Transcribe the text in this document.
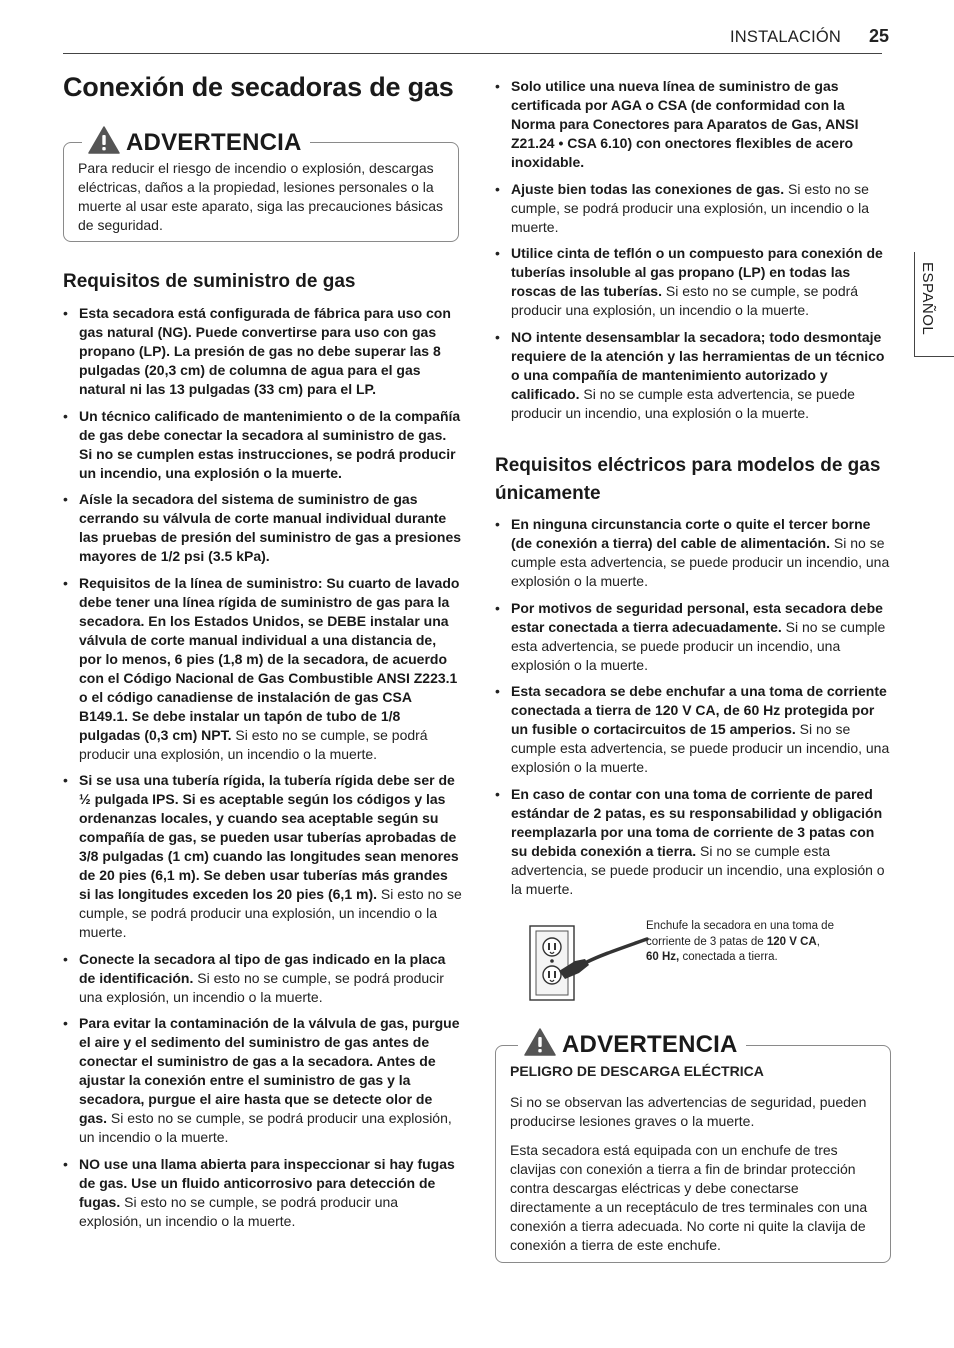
INSTALACIÓN 25
ESPAÑOL
Conexión de secadoras de gas
ADVERTENCIA
Para reducir el riesgo de incendio o explosión, descargas eléctricas, daños a la propiedad, lesiones personales o la muerte al usar este aparato, siga las precauciones básicas de seguridad.
Requisitos de suministro de gas
• Esta secadora está configurada de fábrica para uso con gas natural (NG). Puede convertirse para uso con gas propano (LP). La presión de gas no debe superar las 8 pulgadas (20,3 cm) de columna de agua para el gas natural ni las 13 pulgadas (33 cm) para el LP.
• Un técnico calificado de mantenimiento o de la compañía de gas debe conectar la secadora al suministro de gas. Si no se cumplen estas instrucciones, se podrá producir un incendio, una explosión o la muerte.
• Aísle la secadora del sistema de suministro de gas cerrando su válvula de corte manual individual durante las pruebas de presión del suministro de gas a presiones mayores de 1/2 psi (3.5 kPa).
• Requisitos de la línea de suministro: Su cuarto de lavado debe tener una línea rígida de suministro de gas para la secadora. En los Estados Unidos, se DEBE instalar una válvula de corte manual individual a una distancia de, por lo menos, 6 pies (1,8 m) de la secadora, de acuerdo con el Código Nacional de Gas Combustible ANSI Z223.1 o el código canadiense de instalación de gas CSA B149.1. Se debe instalar un tapón de tubo de 1/8 pulgadas (0,3 cm) NPT. Si esto no se cumple, se podrá producir una explosión, un incendio o la muerte.
• Si se usa una tubería rígida, la tubería rígida debe ser de ½ pulgada IPS. Si es aceptable según los códigos y las ordenanzas locales, y cuando sea aceptable según su compañía de gas, se pueden usar tuberías aprobadas de 3/8 pulgadas (1 cm) cuando las longitudes sean menores de 20 pies (6,1 m). Se deben usar tuberías más grandes si las longitudes exceden los 20 pies (6,1 m). Si esto no se cumple, se podrá producir una explosión, un incendio o la muerte.
• Conecte la secadora al tipo de gas indicado en la placa de identificación. Si esto no se cumple, se podrá producir una explosión, un incendio o la muerte.
• Para evitar la contaminación de la válvula de gas, purgue el aire y el sedimento del suministro de gas antes de conectar el suministro de gas a la secadora. Antes de ajustar la conexión entre el suministro de gas y la secadora, purgue el aire hasta que se detecte olor de gas. Si esto no se cumple, se podrá producir una explosión, un incendio o la muerte.
• NO use una llama abierta para inspeccionar si hay fugas de gas. Use un fluido anticorrosivo para detección de fugas. Si esto no se cumple, se podrá producir una explosión, un incendio o la muerte.
• Solo utilice una nueva línea de suministro de gas certificada por AGA o CSA (de conformidad con la Norma para Conectores para Aparatos de Gas, ANSI Z21.24 • CSA 6.10) con onectores flexibles de acero inoxidable.
• Ajuste bien todas las conexiones de gas. Si esto no se cumple, se podrá producir una explosión, un incendio o la muerte.
• Utilice cinta de teflón o un compuesto para conexión de tuberías insoluble al gas propano (LP) en todas las roscas de las tuberías. Si esto no se cumple, se podrá producir una explosión, un incendio o la muerte.
• NO intente desensamblar la secadora; todo desmontaje requiere de la atención y las herramientas de un técnico o una compañía de mantenimiento autorizado y calificado. Si no se cumple esta advertencia, se puede producir un incendio, una explosión o la muerte.
Requisitos eléctricos para modelos de gas únicamente
• En ninguna circunstancia corte o quite el tercer borne (de conexión a tierra) del cable de alimentación. Si no se cumple esta advertencia, se puede producir un incendio, una explosión o la muerte.
• Por motivos de seguridad personal, esta secadora debe estar conectada a tierra adecuadamente. Si no se cumple esta advertencia, se puede producir un incendio, una explosión o la muerte.
• Esta secadora se debe enchufar a una toma de corriente conectada a tierra de 120 V CA, de 60 Hz protegida por un fusible o cortacircuitos de 15 amperios. Si no se cumple esta advertencia, se puede producir un incendio, una explosión o la muerte.
• En caso de contar con una toma de corriente de pared estándar de 2 patas, es su responsabilidad y obligación reemplazarla por una toma de corriente de 3 patas con su debida conexión a tierra. Si no se cumple esta advertencia, se puede producir un incendio, una explosión o la muerte.
Enchufe la secadora en una toma de corriente de 3 patas de 120 V CA,
60 Hz, conectada a tierra.
ADVERTENCIA

PELIGRO DE DESCARGA ELÉCTRICA

Si no se observan las advertencias de seguridad, pueden producirse lesiones graves o la muerte.

Esta secadora está equipada con un enchufe de tres clavijas con conexión a tierra a fin de brindar protección contra descargas eléctricas y debe conectarse directamente a un receptáculo de tres terminales con una conexión a tierra adecuada. No corte ni quite la clavija de conexión a tierra de este enchufe.
